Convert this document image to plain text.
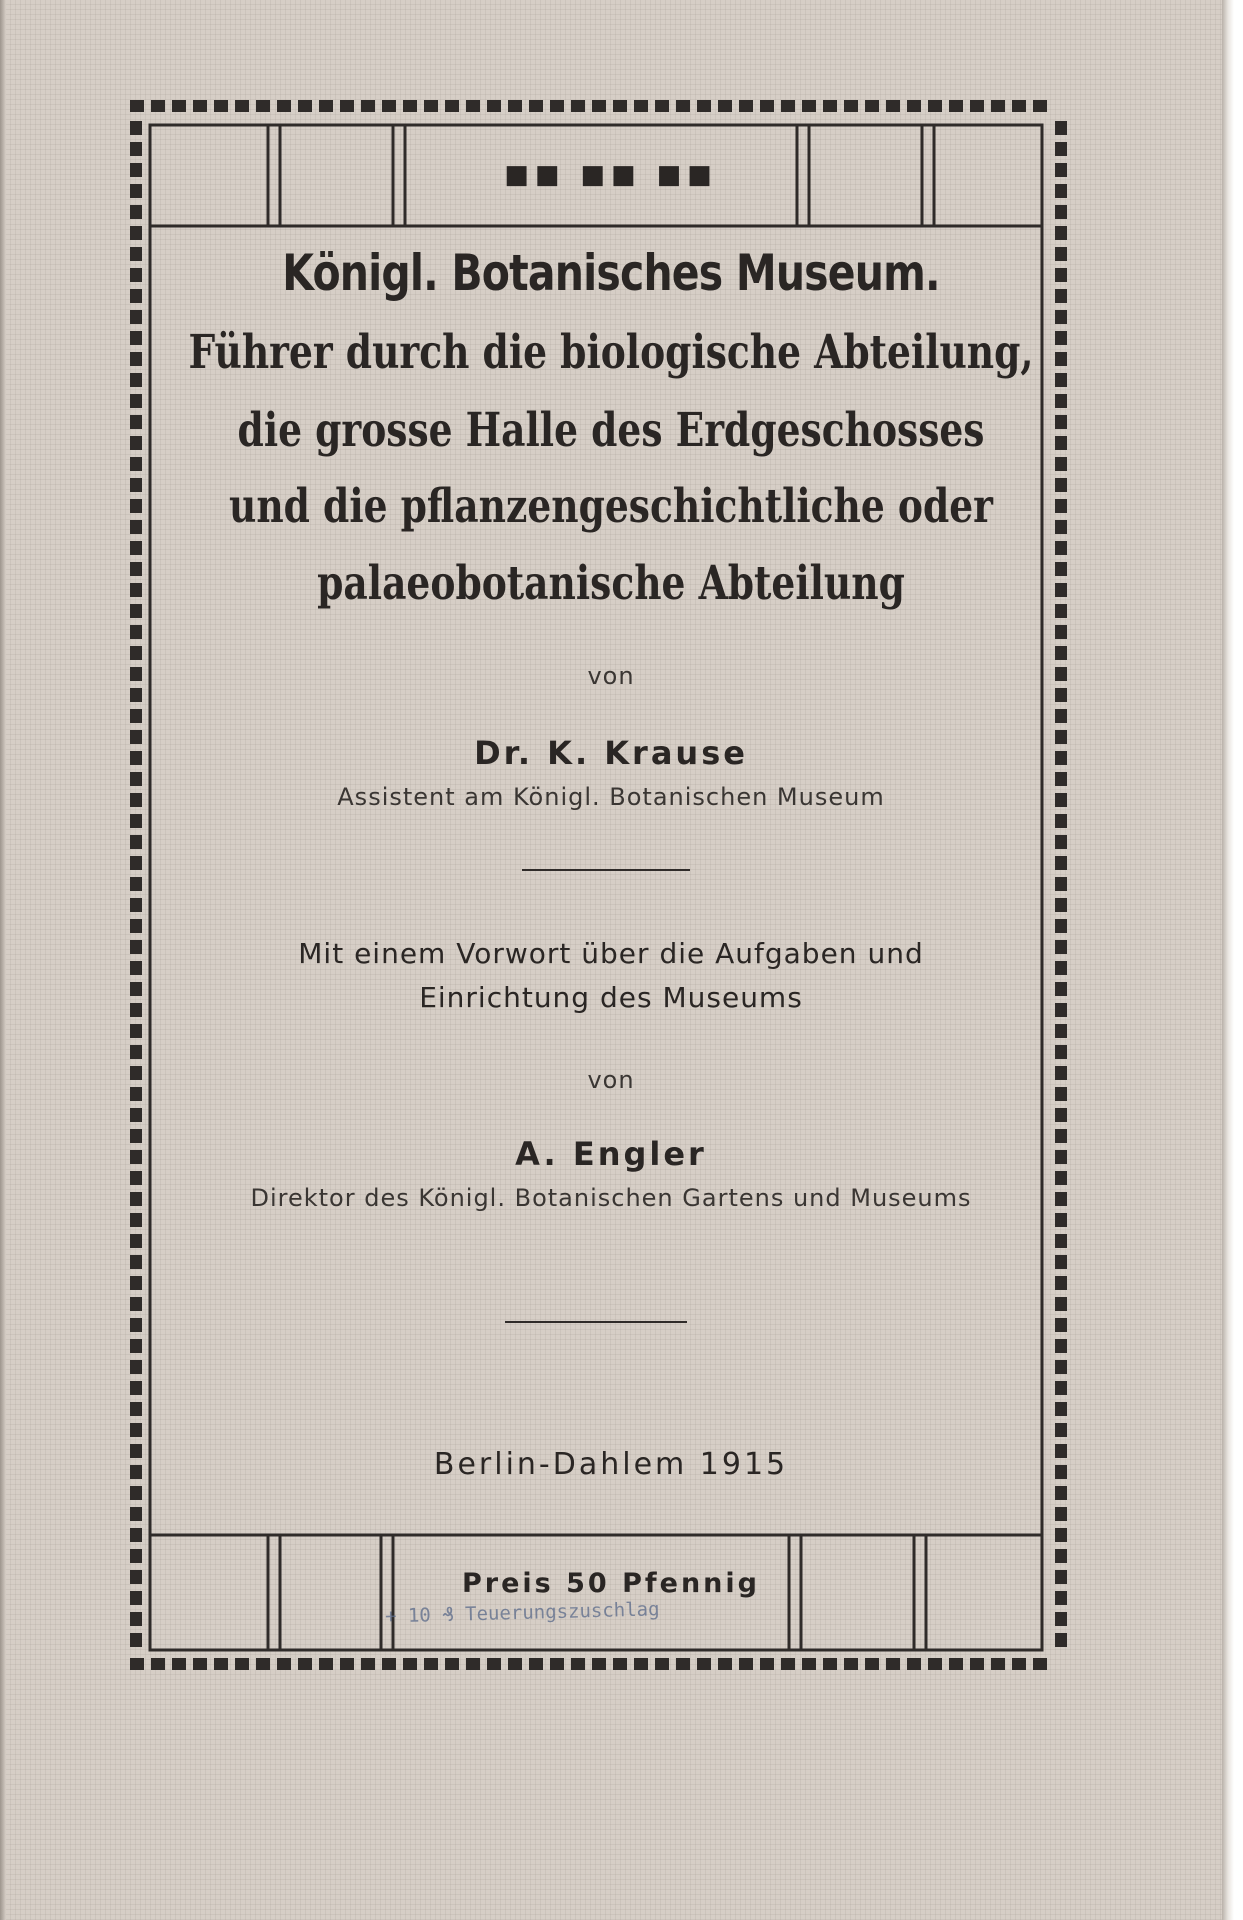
■■ ■■ ■■
Königl. Botanisches Museum.
Führer durch die biologische Abteilung,
die grosse Halle des Erdgeschosses
und die pflanzengeschichtliche oder
palaeobotanische Abteilung
von
Dr. K. Krause
Assistent am Königl. Botanischen Museum
Mit einem Vorwort über die Aufgaben und
Einrichtung des Museums
von
A. Engler
Direktor des Königl. Botanischen Gartens und Museums
Berlin-Dahlem 1915
Preis 50 Pfennig
+ 10 ₰ Teuerungszuschlag
